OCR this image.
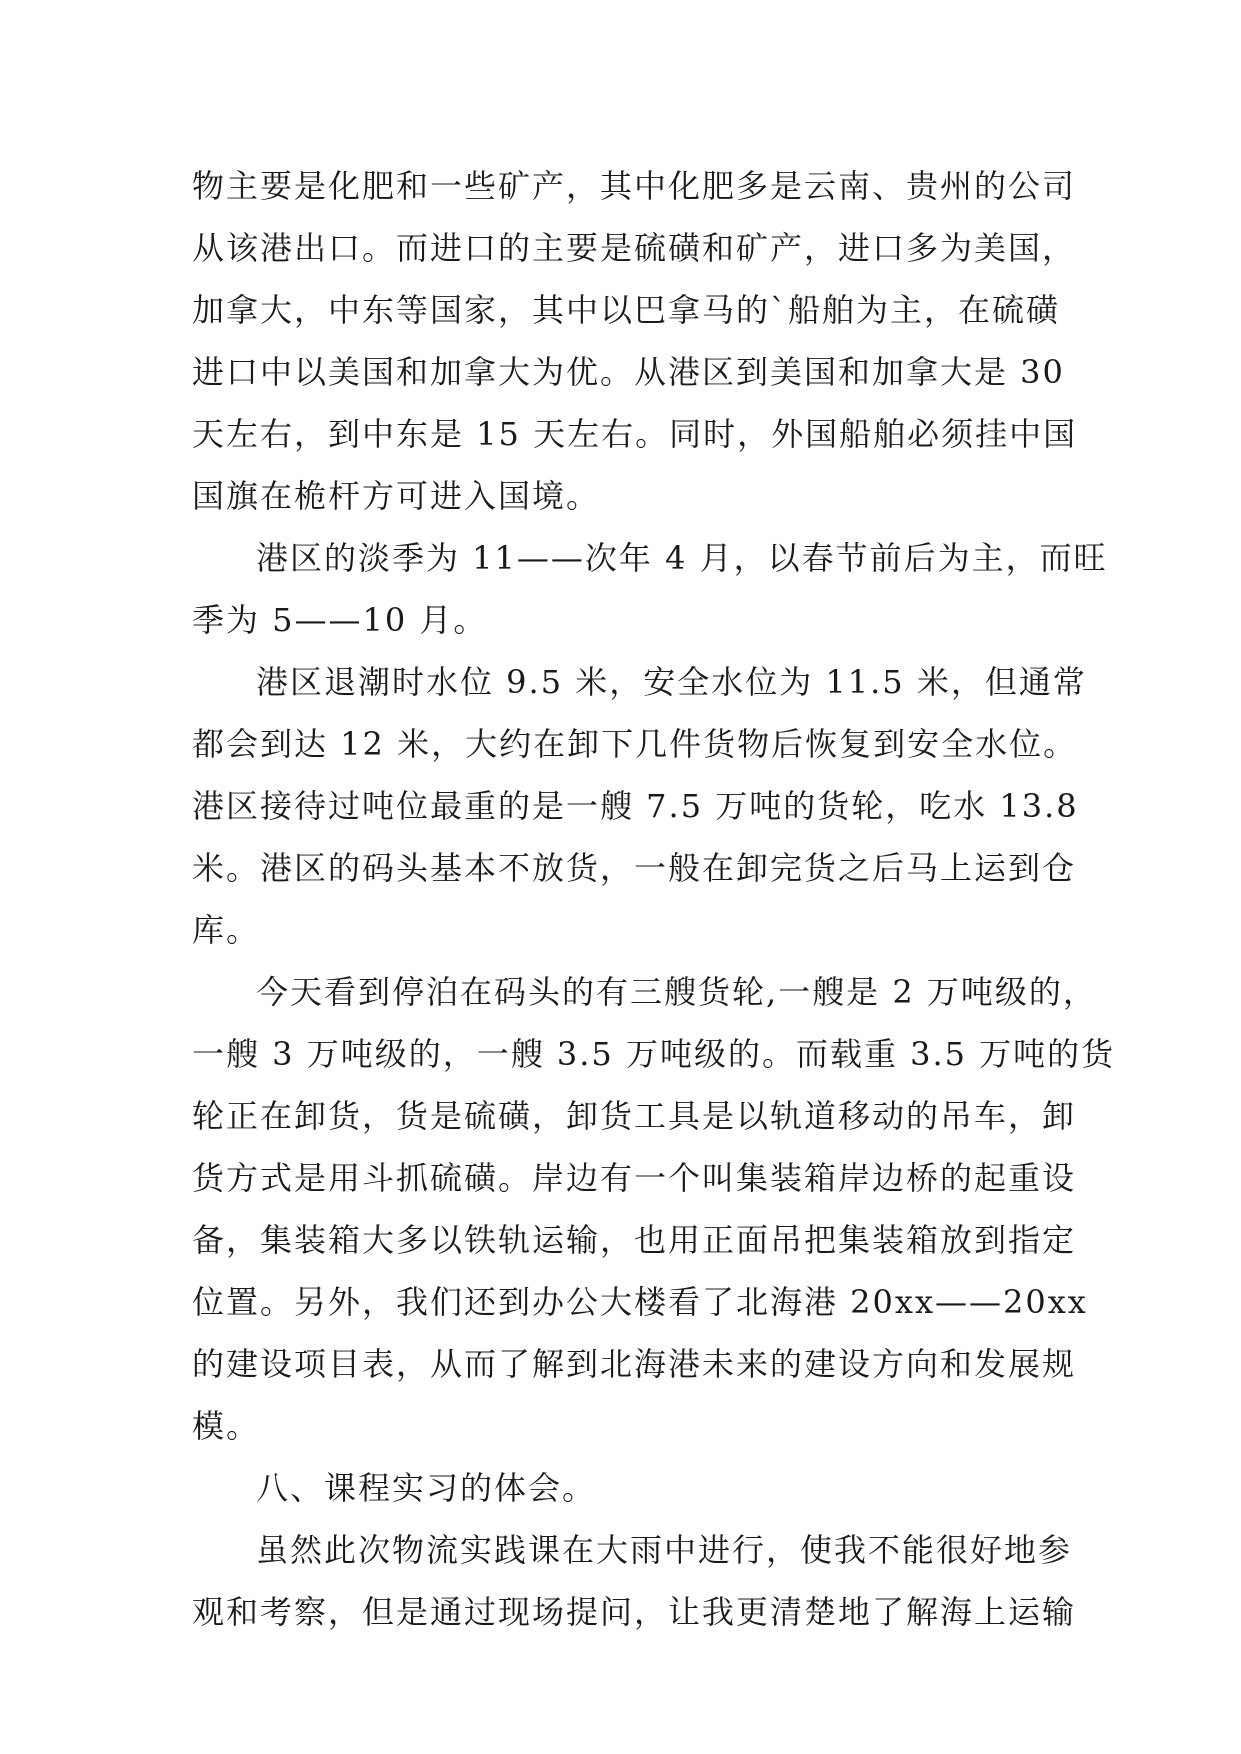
物主要是化肥和一些矿产，其中化肥多是云南、贵州的公司
从该港出口。而进口的主要是硫磺和矿产，进口多为美国，
加拿大，中东等国家，其中以巴拿马的`船舶为主，在硫磺
进口中以美国和加拿大为优。从港区到美国和加拿大是 30
天左右，到中东是 15 天左右。同时，外国船舶必须挂中国
国旗在桅杆方可进入国境。
港区的淡季为 11——次年 4 月，以春节前后为主，而旺
季为 5——10 月。
港区退潮时水位 9.5 米，安全水位为 11.5 米，但通常
都会到达 12 米，大约在卸下几件货物后恢复到安全水位。
港区接待过吨位最重的是一艘 7.5 万吨的货轮，吃水 13.8
米。港区的码头基本不放货，一般在卸完货之后马上运到仓
库。
今天看到停泊在码头的有三艘货轮,一艘是 2 万吨级的，
一艘 3 万吨级的，一艘 3.5 万吨级的。而载重 3.5 万吨的货
轮正在卸货，货是硫磺，卸货工具是以轨道移动的吊车，卸
货方式是用斗抓硫磺。岸边有一个叫集装箱岸边桥的起重设
备，集装箱大多以铁轨运输，也用正面吊把集装箱放到指定
位置。另外，我们还到办公大楼看了北海港 20xx——20xx
的建设项目表，从而了解到北海港未来的建设方向和发展规
模。
八、课程实习的体会。
虽然此次物流实践课在大雨中进行，使我不能很好地参
观和考察，但是通过现场提问，让我更清楚地了解海上运输
